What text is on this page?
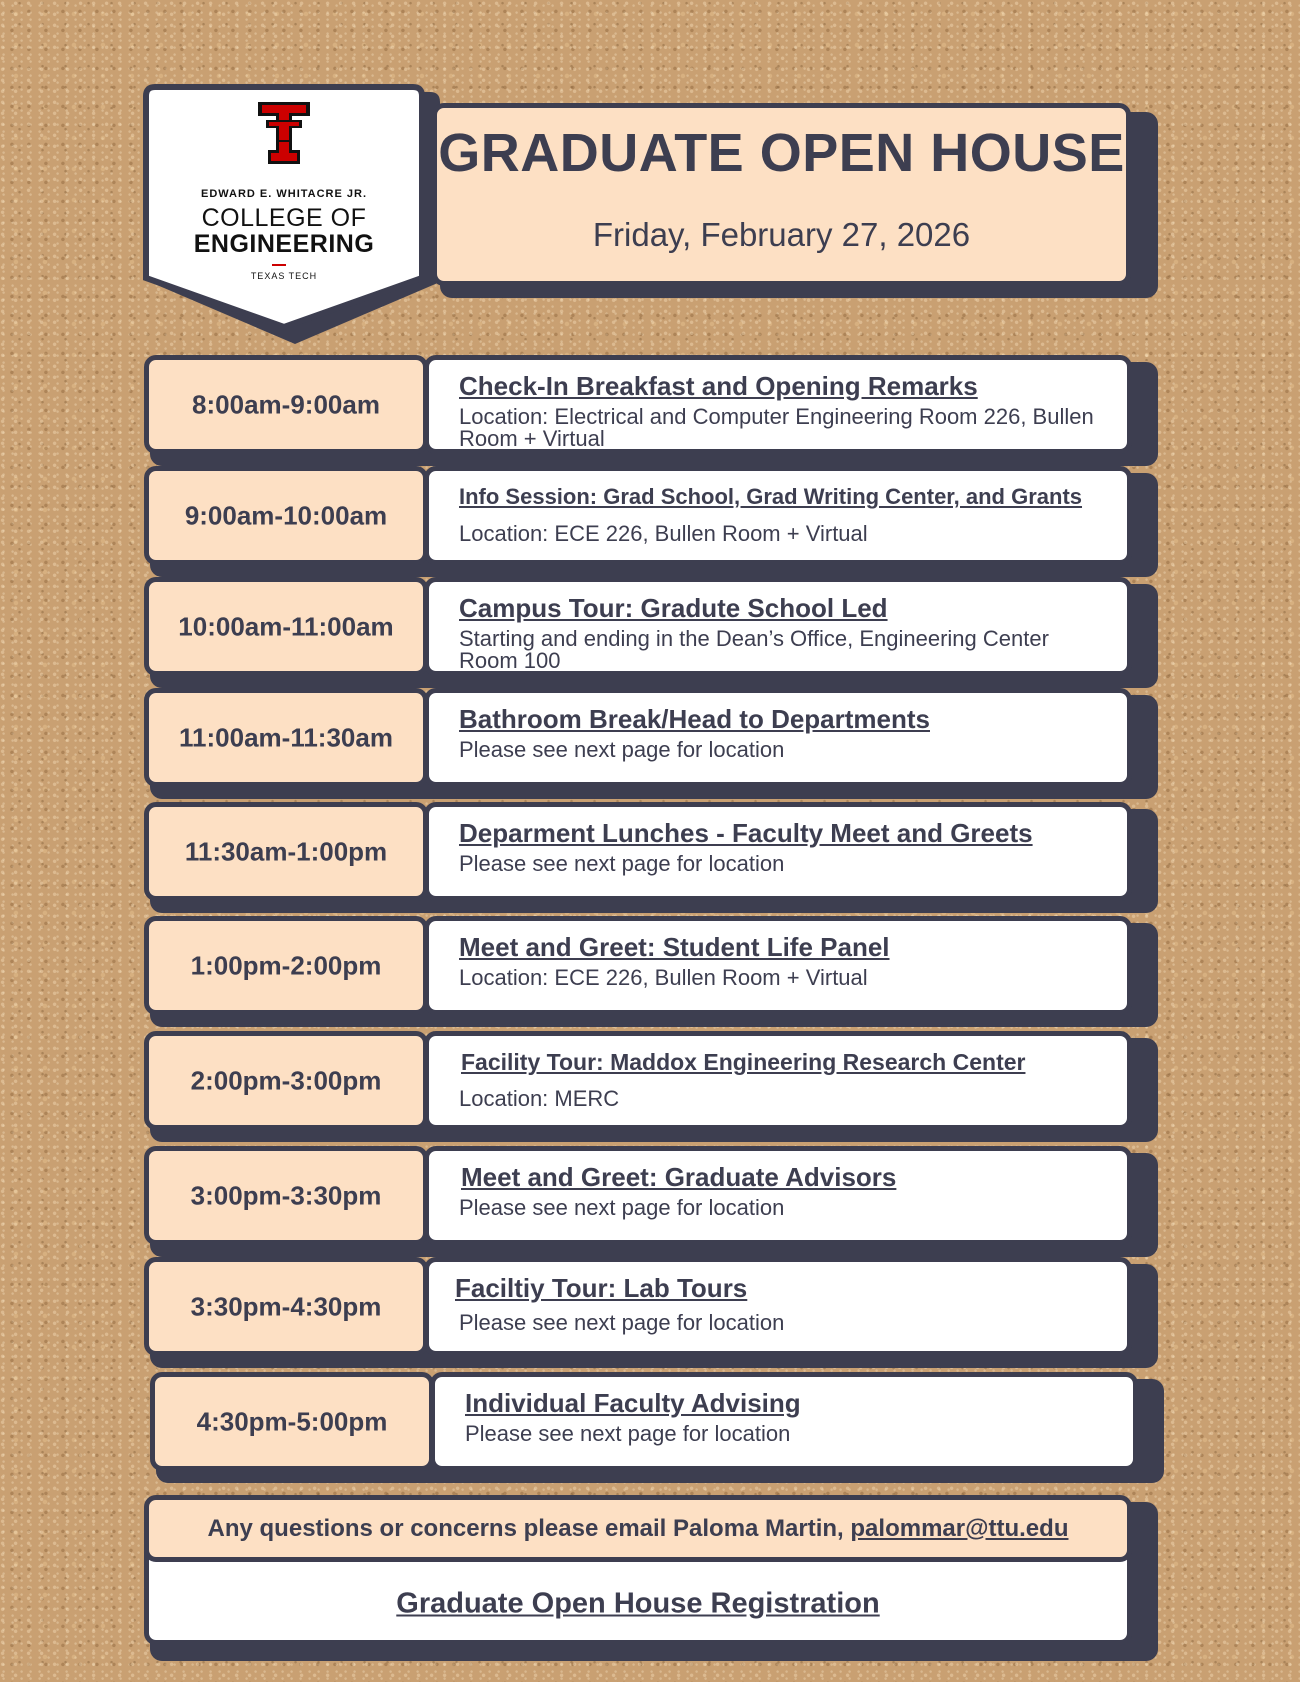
EDWARD E. WHITACRE JR.
COLLEGE OF
ENGINEERING
TEXAS TECH
GRADUATE OPEN HOUSE
Friday, February 27, 2026
8:00am-9:00am
Check-In Breakfast and Opening Remarks
Location: Electrical and Computer Engineering Room 226, Bullen Room + Virtual
9:00am-10:00am
Info Session: Grad School, Grad Writing Center, and Grants
Location: ECE 226, Bullen Room + Virtual
10:00am-11:00am
Campus Tour: Gradute School Led
Starting and ending in the Dean’s Office, Engineering Center Room 100
11:00am-11:30am
Bathroom Break/Head to Departments
Please see next page for location
11:30am-1:00pm
Deparment Lunches - Faculty Meet and Greets
Please see next page for location
1:00pm-2:00pm
Meet and Greet: Student Life Panel
Location: ECE 226, Bullen Room + Virtual
2:00pm-3:00pm
Facility Tour: Maddox Engineering Research Center
Location: MERC
3:00pm-3:30pm
Meet and Greet: Graduate Advisors
Please see next page for location
3:30pm-4:30pm
Faciltiy Tour: Lab Tours
Please see next page for location
4:30pm-5:00pm
Individual Faculty Advising
Please see next page for location
Graduate Open House Registration
Any questions or concerns please email Paloma Martin, palommar@ttu.edu
